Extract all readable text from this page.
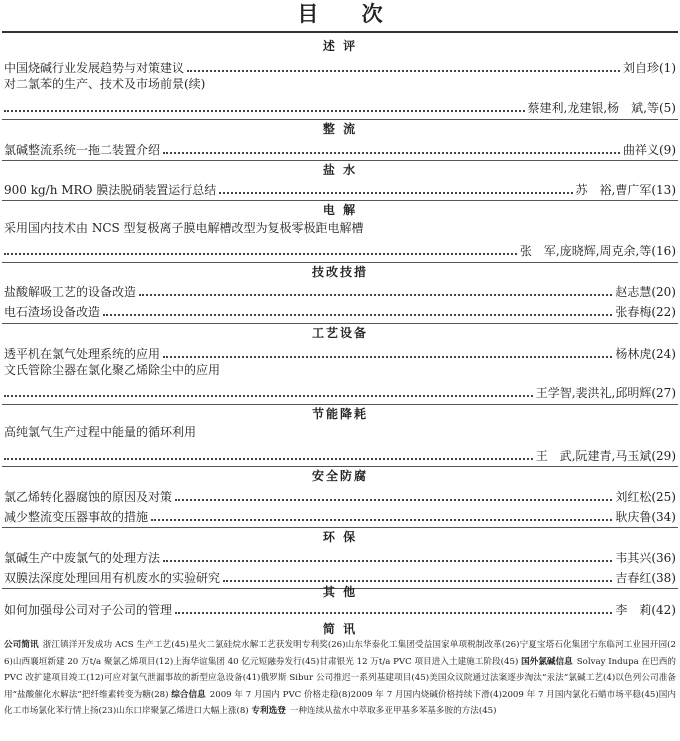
目 次
述 评
中国烧碱行业发展趋势与对策建议	刘自珍(1)
对二氯苯的生产、技术及市场前景(续)
蔡建利,龙建银,杨　斌,等(5)
整 流
氯碱整流系统一拖二装置介绍	曲祥义(9)
盐 水
900 kg/h MRO 膜法脱硝装置运行总结	苏　裕,曹广军(13)
电 解
采用国内技术由 NCS 型复极离子膜电解槽改型为复极零极距电解槽
张　军,庞晓辉,周克余,等(16)
技改技措
盐酸解吸工艺的设备改造	赵志慧(20)
电石渣场设备改造	张春梅(22)
工艺设备
透平机在氯气处理系统的应用	杨林虎(24)
文氏管除尘器在氯化聚乙烯除尘中的应用
王学智,裴洪礼,邱明辉(27)
节能降耗
高纯氯气生产过程中能量的循环利用
王　武,阮建青,马玉斌(29)
安全防腐
氯乙烯转化器腐蚀的原因及对策	刘红松(25)
减少整流变压器事故的措施	耿庆鲁(34)
环 保
氯碱生产中废氯气的处理方法	韦其兴(36)
双膜法深度处理回用有机废水的实验研究	吉春红(38)
其 他
如何加强母公司对子公司的管理	李　莉(42)
简 讯
公司简讯 浙江镇洋开发成功 ACS 生产工艺(45)星火二氯硅烷水解工艺获发明专利奖(26)山东华泰化工集团受益国家单项税制改革(26)宁夏宝塔石化集团宁东临河工业园开园(26)山西襄垣新建 20 万t/a 聚氯乙烯项目(12)上海华谊集团 40 亿元短融券发行(45)甘肃银光 12 万t/a PVC 项目进入土建施工阶段(45) 国外氯碱信息 Solvay Indupa 在巴西的 PVC 改扩建项目竣工(12)可应对氯气泄漏事故的新型应急设备(41)俄罗斯 Sibur 公司推迟一系列基建项目(45)美国众议院通过法案逐步淘汰“汞法”氯碱工艺(4)以色列公司准备用“盐酸催化水解法”把纤维素转变为糖(28) 综合信息 2009 年 7 月国内 PVC 价格走稳(8)2009 年 7 月国内烧碱价格持续下滑(4)2009 年 7 月国内氯化石蜡市场平稳(45)国内化工市场氯化苯行情上扬(23)山东口岸聚氯乙烯进口大幅上涨(8) 专利选登 一种连续从盐水中萃取多亚甲基多苯基多胺的方法(45)
